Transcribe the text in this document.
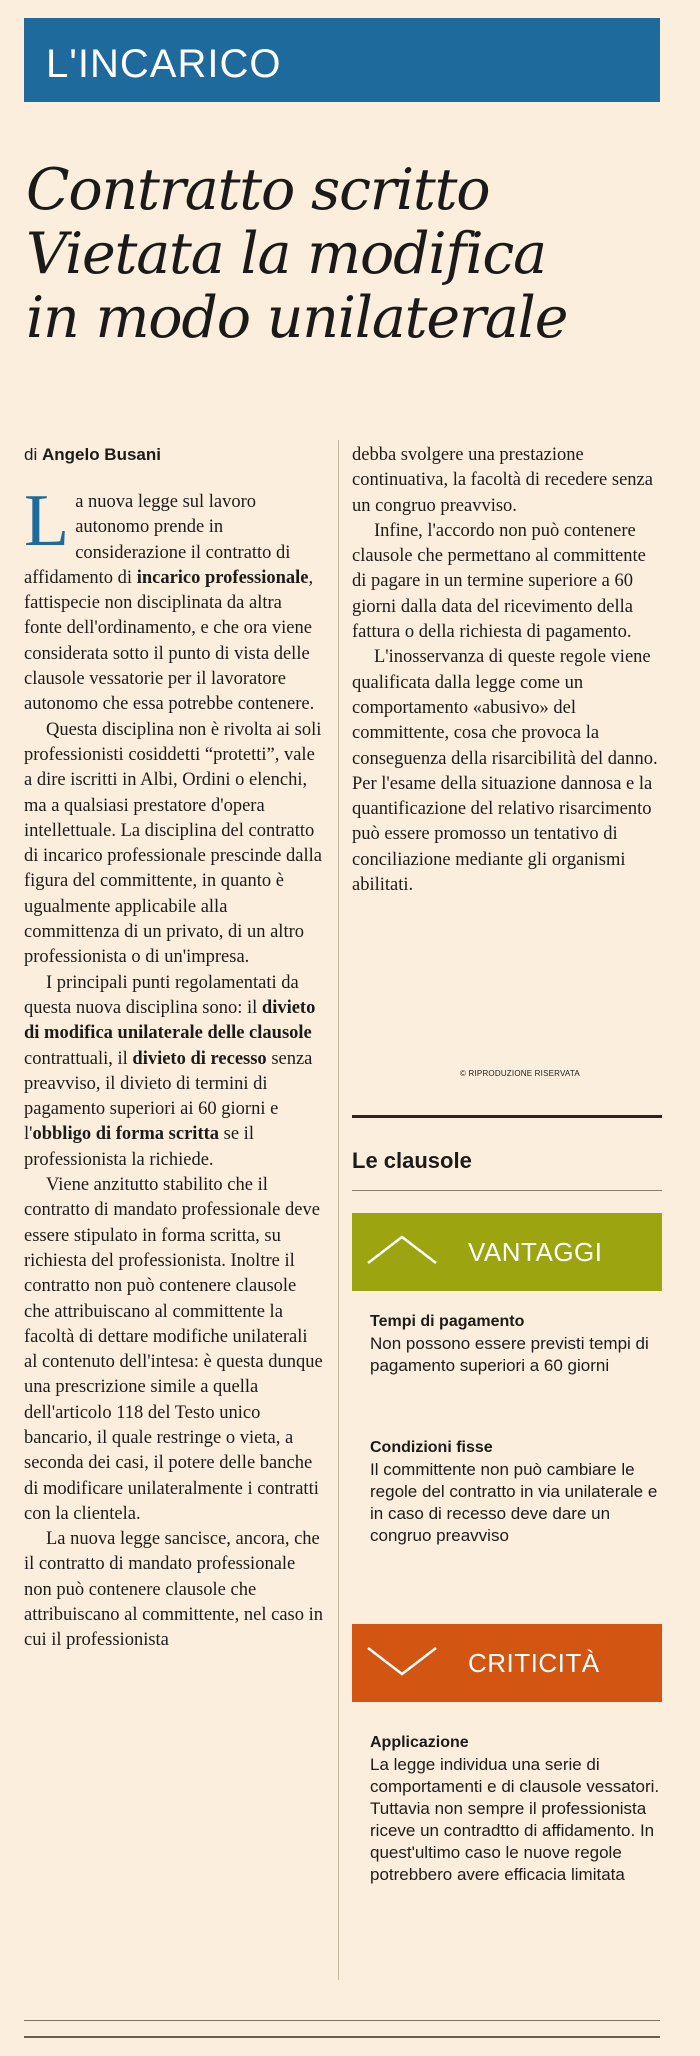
L'INCARICO
Contratto scritto
Vietata la modifica
in modo unilaterale
di Angelo Busani

La nuova legge sul lavoro autonomo prende in considerazione il contratto di affidamento di incarico professionale, fattispecie non disciplinata da altra fonte dell'ordinamento, e che ora viene considerata sotto il punto di vista delle clausole vessatorie per il lavoratore autonomo che essa potrebbe contenere.

Questa disciplina non è rivolta ai soli professionisti cosiddetti “protetti”, vale a dire iscritti in Albi, Ordini o elenchi, ma a qualsiasi prestatore d'opera intellettuale. La disciplina del contratto di incarico professionale prescinde dalla figura del committente, in quanto è ugualmente applicabile alla committenza di un privato, di un altro professionista o di un'impresa.

I principali punti regolamentati da questa nuova disciplina sono: il divieto di modifica unilaterale delle clausole contrattuali, il divieto di recesso senza preavviso, il divieto di termini di pagamento superiori ai 60 giorni e l'obbligo di forma scritta se il professionista la richiede.

Viene anzitutto stabilito che il contratto di mandato professionale deve essere stipulato in forma scritta, su richiesta del professionista. Inoltre il contratto non può contenere clausole che attribuiscano al committente la facoltà di dettare modifiche unilaterali al contenuto dell'intesa: è questa dunque una prescrizione simile a quella dell'articolo 118 del Testo unico bancario, il quale restringe o vieta, a seconda dei casi, il potere delle banche di modificare unilateralmente i contratti con la clientela.

La nuova legge sancisce, ancora, che il contratto di mandato professionale non può contenere clausole che attribuiscano al committente, nel caso in cui il professionista

debba svolgere una prestazione continuativa, la facoltà di recedere senza un congruo preavviso.

Infine, l'accordo non può contenere clausole che permettano al committente di pagare in un termine superiore a 60 giorni dalla data del ricevimento della fattura o della richiesta di pagamento.

L'inosservanza di queste regole viene qualificata dalla legge come un comportamento «abusivo» del committente, cosa che provoca la conseguenza della risarcibilità del danno. Per l'esame della situazione dannosa e la quantificazione del relativo risarcimento può essere promosso un tentativo di conciliazione mediante gli organismi abilitati.

© RIPRODUZIONE RISERVATA
Le clausole
VANTAGGI
Tempi di pagamento
Non possono essere previsti tempi di pagamento superiori a 60 giorni
Condizioni fisse
Il committente non può cambiare le regole del contratto in via unilaterale e in caso di recesso deve dare un congruo preavviso
CRITICITÀ
Applicazione
La legge individua una serie di comportamenti e di clausole vessatori. Tuttavia non sempre il professionista riceve un contradtto di affidamento. In quest'ultimo caso le nuove regole potrebbero avere efficacia limitata
